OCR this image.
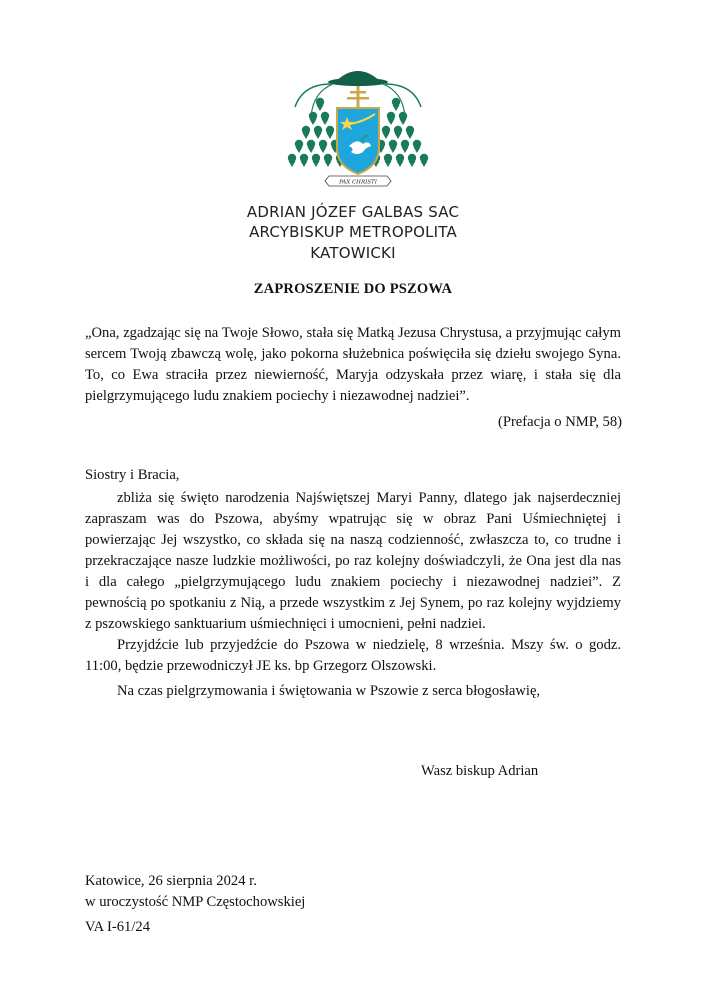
PAX CHRISTI
ADRIAN JÓZEF GALBAS SAC
ARCYBISKUP METROPOLITA
KATOWICKI
ZAPROSZENIE DO PSZOWA
„Ona, zgadzając się na Twoje Słowo, stała się Matką Jezusa Chrystusa, a przyjmując całym sercem Twoją zbawczą wolę, jako pokorna służebnica poświęciła się dziełu swojego Syna. To, co Ewa straciła przez niewierność, Maryja odzyskała przez wiarę, i stała się dla pielgrzymującego ludu znakiem pociechy i niezawodnej nadziei”.
(Prefacja o NMP, 58)
Siostry i Bracia,
zbliża się święto narodzenia Najświętszej Maryi Panny, dlatego jak najserdeczniej zapraszam was do Pszowa, abyśmy wpatrując się w obraz Pani Uśmiechniętej i powierzając Jej wszystko, co składa się na naszą codzienność, zwłaszcza to, co trudne i przekraczające nasze ludzkie możliwości, po raz kolejny doświadczyli, że Ona jest dla nas i dla całego „pielgrzymującego ludu znakiem pociechy i niezawodnej nadziei”. Z pewnością po spotkaniu z Nią, a przede wszystkim z Jej Synem, po raz kolejny wyjdziemy z pszowskiego sanktuarium uśmiechnięci i umocnieni, pełni nadziei.
Przyjdźcie lub przyjedźcie do Pszowa w niedzielę, 8 września. Mszy św. o godz. 11:00, będzie przewodniczył JE ks. bp Grzegorz Olszowski.
Na czas pielgrzymowania i świętowania w Pszowie z serca błogosławię,
Wasz biskup Adrian
Katowice, 26 sierpnia 2024 r.
w uroczystość NMP Częstochowskiej
VA I-61/24
